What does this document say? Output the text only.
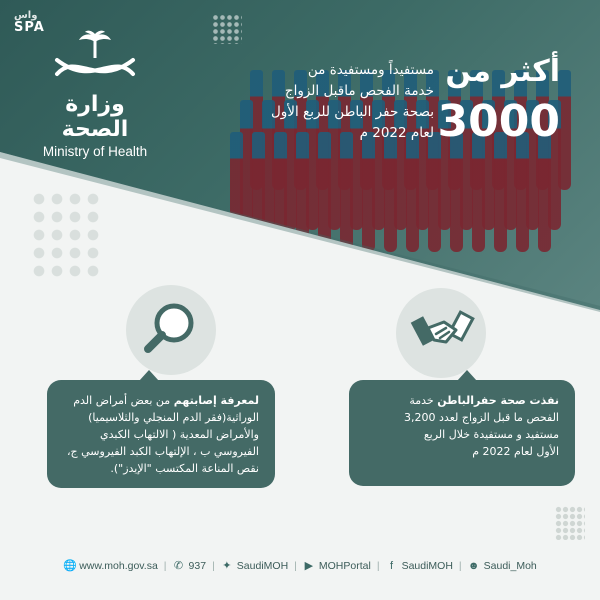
واس
SPA
وزارة الصحة
Ministry of Health
أكثر من
3000
مستفيداً ومستفيدة من
خدمة الفحص ماقبل الزواج
بصحة حفر الباطن للربع الأول
لعام 2022 م
لمعرفة إصابتهم من بعض أمراض الدم
الوراثية(فقر الدم المنجلي والثلاسيميا)
والأمراض المعدية ( الالتهاب الكبدي
الفيروسي ب ، الإلتهاب الكبد الفيروسي ج،
نقص المناعة المكتسب "الإيدز").
نفذت صحة حفرالباطن خدمة
الفحص ما قبل الزواج لعدد 3,200
مستفيد و مستفيدة خلال الربع
الأول لعام 2022 م
🌐 www.moh.gov.sa | ✆ 937 | ✦ SaudiMOH | ▶ MOHPortal | f SaudiMOH | ☻ Saudi_Moh
